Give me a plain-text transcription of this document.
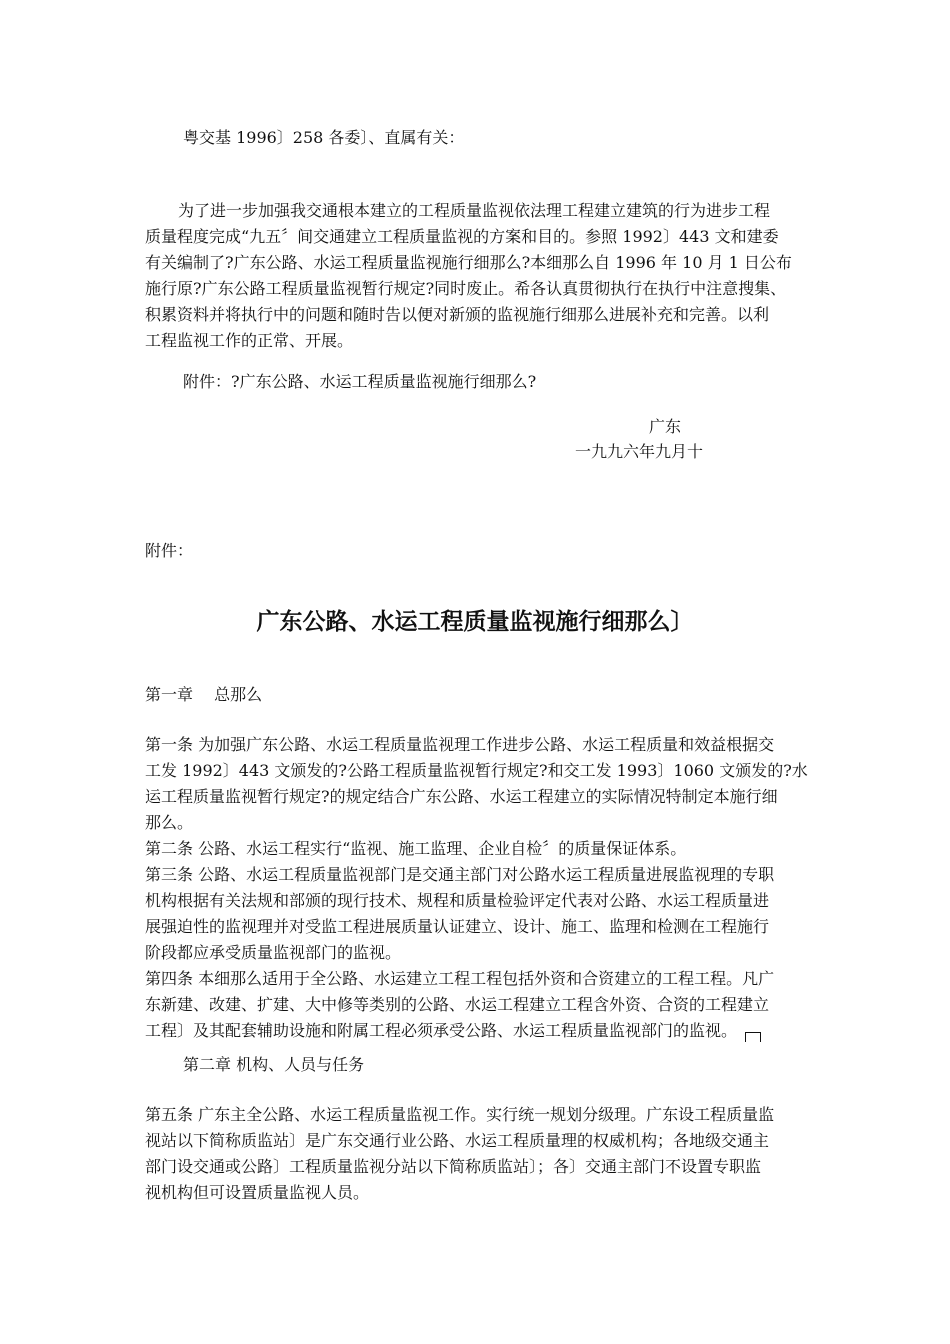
粤交基 1996〕258 各委〕、直属有关：

为了进一步加强我交通根本建立的工程质量监视依法理工程建立建筑的行为进步工程

质量程度完成“九五〞间交通建立工程质量监视的方案和目的。参照 1992〕443 文和建委

有关编制了?广东公路、水运工程质量监视施行细那么?本细那么自 1996 年 10 月 1 日公布

施行原?广东公路工程质量监视暂行规定?同时废止。希各认真贯彻执行在执行中注意搜集、

积累资料并将执行中的问题和随时告以便对新颁的监视施行细那么进展补充和完善。以利

工程监视工作的正常、开展。

附件：?广东公路、水运工程质量监视施行细那么?
广东
一九九六年九月十
附件：
广东公路、水运工程质量监视施行细那么〕
第一章 　总那么

第一条 为加强广东公路、水运工程质量监视理工作进步公路、水运工程质量和效益根据交

工发 1992〕443 文颁发的?公路工程质量监视暂行规定?和交工发 1993〕1060 文颁发的?水

运工程质量监视暂行规定?的规定结合广东公路、水运工程建立的实际情况特制定本施行细

那么。

第二条 公路、水运工程实行“监视、施工监理、企业自检〞的质量保证体系。

第三条 公路、水运工程质量监视部门是交通主部门对公路水运工程质量进展监视理的专职

机构根据有关法规和部颁的现行技术、规程和质量检验评定代表对公路、水运工程质量进

展强迫性的监视理并对受监工程进展质量认证建立、设计、施工、监理和检测在工程施行

阶段都应承受质量监视部门的监视。

第四条 本细那么适用于全公路、水运建立工程工程包括外资和合资建立的工程工程。凡广

东新建、改建、扩建、大中修等类别的公路、水运工程建立工程含外资、合资的工程建立

工程〕及其配套辅助设施和附属工程必须承受公路、水运工程质量监视部门的监视。

第二章 机构、人员与任务

第五条 广东主全公路、水运工程质量监视工作。实行统一规划分级理。广东设工程质量监

视站以下简称质监站〕是广东交通行业公路、水运工程质量理的权威机构；各地级交通主

部门设交通或公路〕工程质量监视分站以下简称质监站〕；各〕交通主部门不设置专职监

视机构但可设置质量监视人员。
